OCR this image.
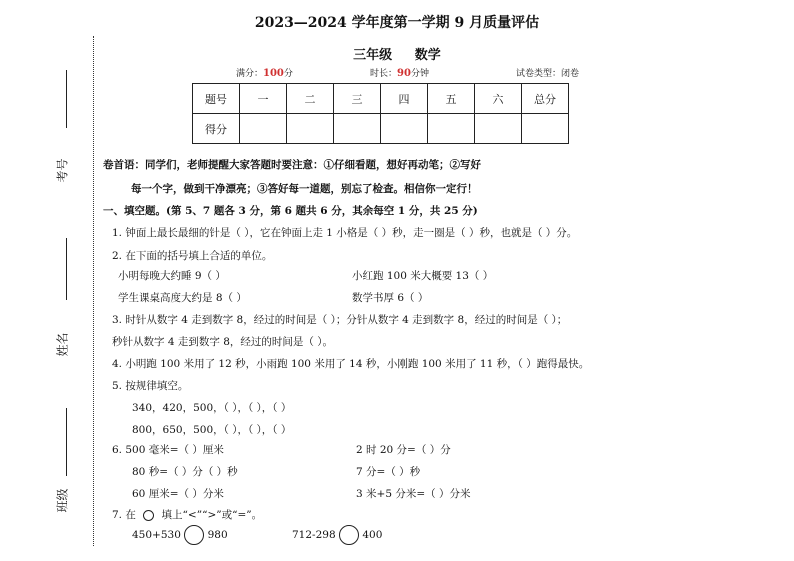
考号
姓名
班级
2023—2024 学年度第一学期 9 月质量评估
三年级     数学
满分：100分	时长：90分钟	试卷类型：闭卷
题号	一	二	三	四	五	六	总分
得分							
卷首语：同学们，老师提醒大家答题时要注意：①仔细看题，想好再动笔；②写好
每一个字，做到干净漂亮；③答好每一道题，别忘了检查。相信你一定行！
一、填空题。(第 5、7 题各 3 分，第 6 题共 6 分，其余每空 1 分，共 25 分)
1. 钟面上最长最细的针是（ ），它在钟面上走 1 小格是（ ）秒，走一圈是（ ）秒，也就是（ ）分。
2. 在下面的括号填上合适的单位。
小明每晚大约睡 9（ ）	小红跑 100 米大概要 13（ ）
学生课桌高度大约是 8（ ）	数学书厚 6（ ）
3. 时针从数字 4 走到数字 8，经过的时间是（ ）；分针从数字 4 走到数字 8，经过的时间是（ ）；
秒针从数字 4 走到数字 8，经过的时间是（ ）。
4. 小明跑 100 米用了 12 秒，小雨跑 100 米用了 14 秒，小刚跑 100 米用了 11 秒，（ ）跑得最快。
5. 按规律填空。
340，420，500，（ ），（ ），（ ）
800，650，500，（ ），（ ），（ ）
6. 500 毫米=（ ）厘米	2 时 20 分=（ ）分
80 秒=（ ）分（ ）秒	7 分=（ ）秒
60 厘米=（ ）分米	3 米+5 分米=（ ）分米
7. 在 填上“<”“>”或“=”。
450+530	980	712-298	400
